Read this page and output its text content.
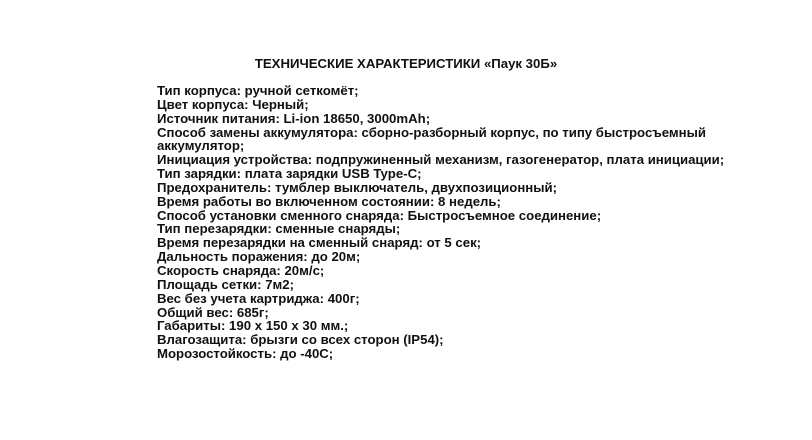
ТЕХНИЧЕСКИЕ ХАРАКТЕРИСТИКИ «Паук 30Б»
Тип корпуса: ручной сеткомёт;
Цвет корпуса: Черный;
Источник питания: Li-ion 18650, 3000mAh;
Способ замены аккумулятора: сборно-разборный корпус, по типу быстросъемный
аккумулятор;
Инициация устройства: подпружиненный механизм, газогенератор, плата инициации;
Тип зарядки: плата зарядки USB Type-C;
Предохранитель: тумблер выключатель, двухпозиционный;
Время работы во включенном состоянии: 8 недель;
Способ установки сменного снаряда: Быстросъемное соединение;
Тип перезарядки: сменные снаряды;
Время перезарядки на сменный снаряд: от 5 сек;
Дальность поражения: до 20м;
Скорость снаряда: 20м/с;
Площадь сетки: 7м2;
Вес без учета картриджа: 400г;
Общий вес: 685г;
Габариты: 190 х 150 х 30 мм.;
Влагозащита: брызги со всех сторон (IP54);
Морозостойкость: до -40С;
